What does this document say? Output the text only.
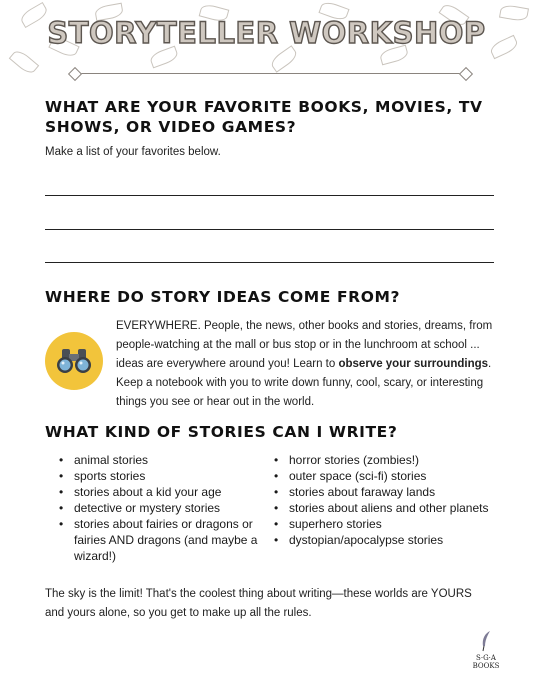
STORYTELLER WORKSHOP
WHAT ARE YOUR FAVORITE BOOKS, MOVIES, TV SHOWS, OR VIDEO GAMES?
Make a list of your favorites below.
WHERE DO STORY IDEAS COME FROM?
EVERYWHERE. People, the news, other books and stories, dreams, from people-watching at the mall or bus stop or in the lunchroom at school ... ideas are everywhere around you! Learn to observe your surroundings. Keep a notebook with you to write down funny, cool, scary, or interesting things you see or hear out in the world.
WHAT KIND OF STORIES CAN I WRITE?
• animal stories
• sports stories
• stories about a kid your age
• detective or mystery stories
• stories about fairies or dragons or fairies AND dragons (and maybe a wizard!)
• horror stories (zombies!)
• outer space (sci-fi) stories
• stories about faraway lands
• stories about aliens and other planets
• superhero stories
• dystopian/apocalypse stories
The sky is the limit! That's the coolest thing about writing—these worlds are YOURS and yours alone, so you get to make up all the rules.
S·G·A
BOOKS
